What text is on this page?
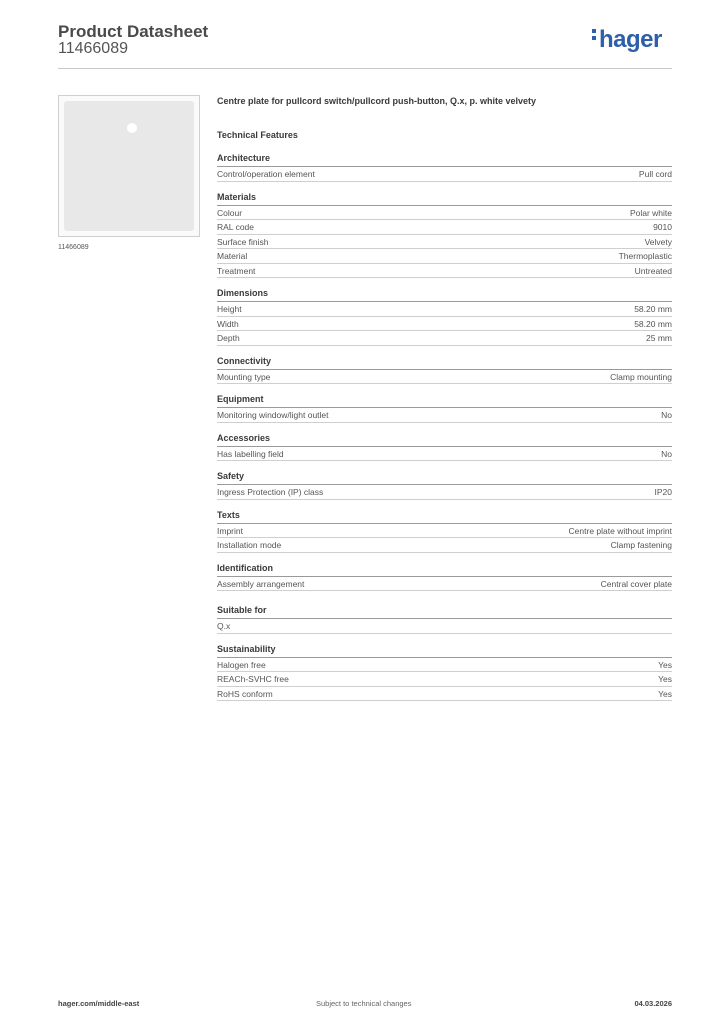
Product Datasheet
11466089	hager
11466089
Centre plate for pullcord switch/pullcord push-button, Q.x, p. white velvety
Technical Features
Architecture
Control/operation element	Pull cord
Materials
Colour	Polar white
RAL code	9010
Surface finish	Velvety
Material	Thermoplastic
Treatment	Untreated
Dimensions
Height	58.20 mm
Width	58.20 mm
Depth	25 mm
Connectivity
Mounting type	Clamp mounting
Equipment
Monitoring window/light outlet	No
Accessories
Has labelling field	No
Safety
Ingress Protection (IP) class	IP20
Texts
Imprint	Centre plate without imprint
Installation mode	Clamp fastening
Identification
Assembly arrangement	Central cover plate
Suitable for
Q.x
Sustainability
Halogen free	Yes
REACh-SVHC free	Yes
RoHS conform	Yes
hager.com/middle-east	Subject to technical changes	04.03.2026
